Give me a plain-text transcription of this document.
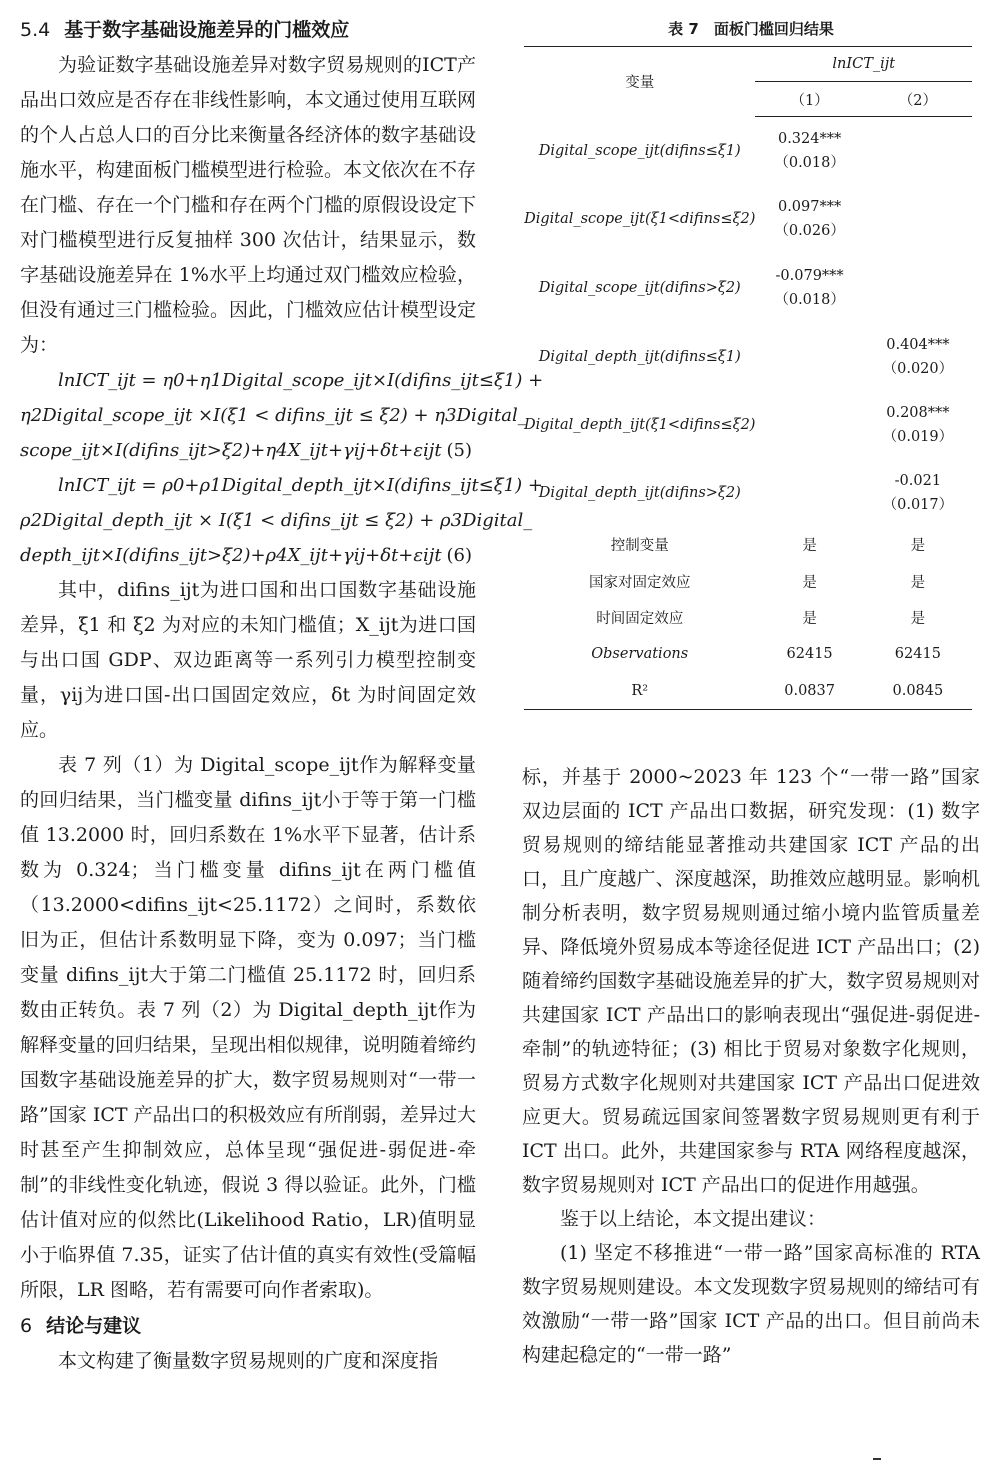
5.4 基于数字基础设施差异的门槛效应

为验证数字基础设施差异对数字贸易规则的ICT产品出口效应是否存在非线性影响，本文通过使用互联网的个人占总人口的百分比来衡量各经济体的数字基础设施水平，构建面板门槛模型进行检验。本文依次在不存在门槛、存在一个门槛和存在两个门槛的原假设设定下对门槛模型进行反复抽样 300 次估计，结果显示，数字基础设施差异在 1%水平上均通过双门槛效应检验，但没有通过三门槛检验。因此，门槛效应估计模型设定为：

lnICT_ijt = η0+η1Digital_scope_ijt×I(difins_ijt≤ξ1) +
η2Digital_scope_ijt ×I(ξ1 < difins_ijt ≤ ξ2) + η3Digital_
scope_ijt×I(difins_ijt>ξ2)+η4X_ijt+γij+δt+εijt (5)
lnICT_ijt = ρ0+ρ1Digital_depth_ijt×I(difins_ijt≤ξ1) +
ρ2Digital_depth_ijt × I(ξ1 < difins_ijt ≤ ξ2) + ρ3Digital_
depth_ijt×I(difins_ijt>ξ2)+ρ4X_ijt+γij+δt+εijt (6)

其中，difins_ijt为进口国和出口国数字基础设施差异，ξ1 和 ξ2 为对应的未知门槛值；X_ijt为进口国与出口国 GDP、双边距离等一系列引力模型控制变量，γij为进口国-出口国固定效应，δt 为时间固定效应。

表 7 列（1）为 Digital_scope_ijt作为解释变量的回归结果，当门槛变量 difins_ijt小于等于第一门槛值 13.2000 时，回归系数在 1%水平下显著，估计系数为 0.324；当门槛变量 difins_ijt在两门槛值（13.2000<difins_ijt<25.1172）之间时，系数依旧为正，但估计系数明显下降，变为 0.097；当门槛变量 difins_ijt大于第二门槛值 25.1172 时，回归系数由正转负。表 7 列（2）为 Digital_depth_ijt作为解释变量的回归结果，呈现出相似规律，说明随着缔约国数字基础设施差异的扩大，数字贸易规则对“一带一路”国家 ICT 产品出口的积极效应有所削弱，差异过大时甚至产生抑制效应，总体呈现“强促进-弱促进-牵制”的非线性变化轨迹，假说 3 得以验证。此外，门槛估计值对应的似然比(Likelihood Ratio，LR)值明显小于临界值 7.35，证实了估计值的真实有效性(受篇幅所限，LR 图略，若有需要可向作者索取)。

6 结论与建议

本文构建了衡量数字贸易规则的广度和深度指

表 7　面板门槛回归结果
变量	lnICT_ijt	
	（1）	（2）
Digital_scope_ijt(difins≤ξ1)	0.324***
（0.018）	

Digital_scope_ijt(ξ1<difins≤ξ2)	0.097***
（0.026）	

Digital_scope_ijt(difins>ξ2)	-0.079***
（0.018）	

Digital_depth_ijt(difins≤ξ1)		0.404***
（0.020）

Digital_depth_ijt(ξ1<difins≤ξ2)		0.208***
（0.019）

Digital_depth_ijt(difins>ξ2)		-0.021
（0.017）

控制变量	是	是
国家对固定效应	是	是
时间固定效应	是	是
Observations	62415	62415
R²	0.0837	0.0845

标，并基于 2000~2023 年 123 个“一带一路”国家双边层面的 ICT 产品出口数据，研究发现：(1) 数字贸易规则的缔结能显著推动共建国家 ICT 产品的出口，且广度越广、深度越深，助推效应越明显。影响机制分析表明，数字贸易规则通过缩小境内监管质量差异、降低境外贸易成本等途径促进 ICT 产品出口；(2) 随着缔约国数字基础设施差异的扩大，数字贸易规则对共建国家 ICT 产品出口的影响表现出“强促进-弱促进-牵制”的轨迹特征；(3) 相比于贸易对象数字化规则，贸易方式数字化规则对共建国家 ICT 产品出口促进效应更大。贸易疏远国家间签署数字贸易规则更有利于 ICT 出口。此外，共建国家参与 RTA 网络程度越深，数字贸易规则对 ICT 产品出口的促进作用越强。

鉴于以上结论，本文提出建议：

(1) 坚定不移推进“一带一路”国家高标准的 RTA 数字贸易规则建设。本文发现数字贸易规则的缔结可有效激励“一带一路”国家 ICT 产品的出口。但目前尚未构建起稳定的“一带一路”
